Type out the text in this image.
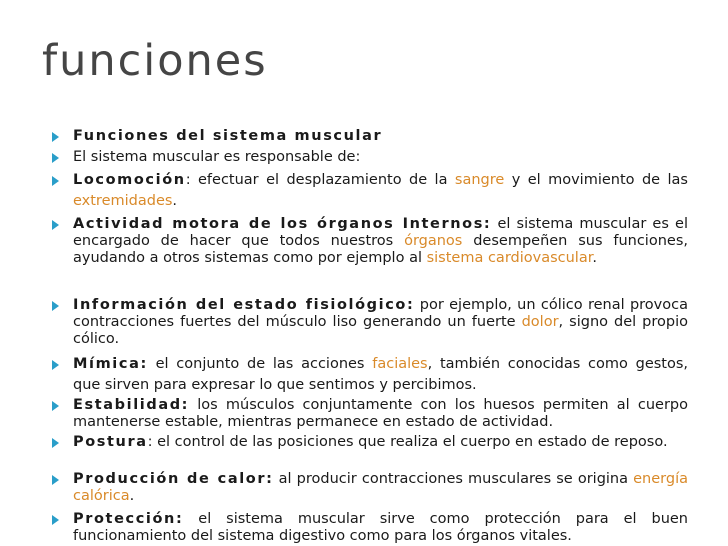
funciones
Funciones del sistema muscular
El sistema muscular es responsable de:
Locomoción: efectuar el desplazamiento de la sangre y el movimiento de las extremidades.
Actividad motora de los órganos Internos: el sistema muscular es el encargado de hacer que todos nuestros órganos desempeñen sus funciones, ayudando a otros sistemas como por ejemplo al sistema cardiovascular.
Información del estado fisiológico: por ejemplo, un cólico renal provoca contracciones fuertes del músculo liso generando un fuerte dolor, signo del propio cólico.
Mímica: el conjunto de las acciones faciales, también conocidas como gestos, que sirven para expresar lo que sentimos y percibimos.
Estabilidad: los músculos conjuntamente con los huesos permiten al cuerpo mantenerse estable, mientras permanece en estado de actividad.
Postura: el control de las posiciones que realiza el cuerpo en estado de reposo.
Producción de calor: al producir contracciones musculares se origina energía calórica.
Protección: el sistema muscular sirve como protección para el buen funcionamiento del sistema digestivo como para los órganos vitales.
